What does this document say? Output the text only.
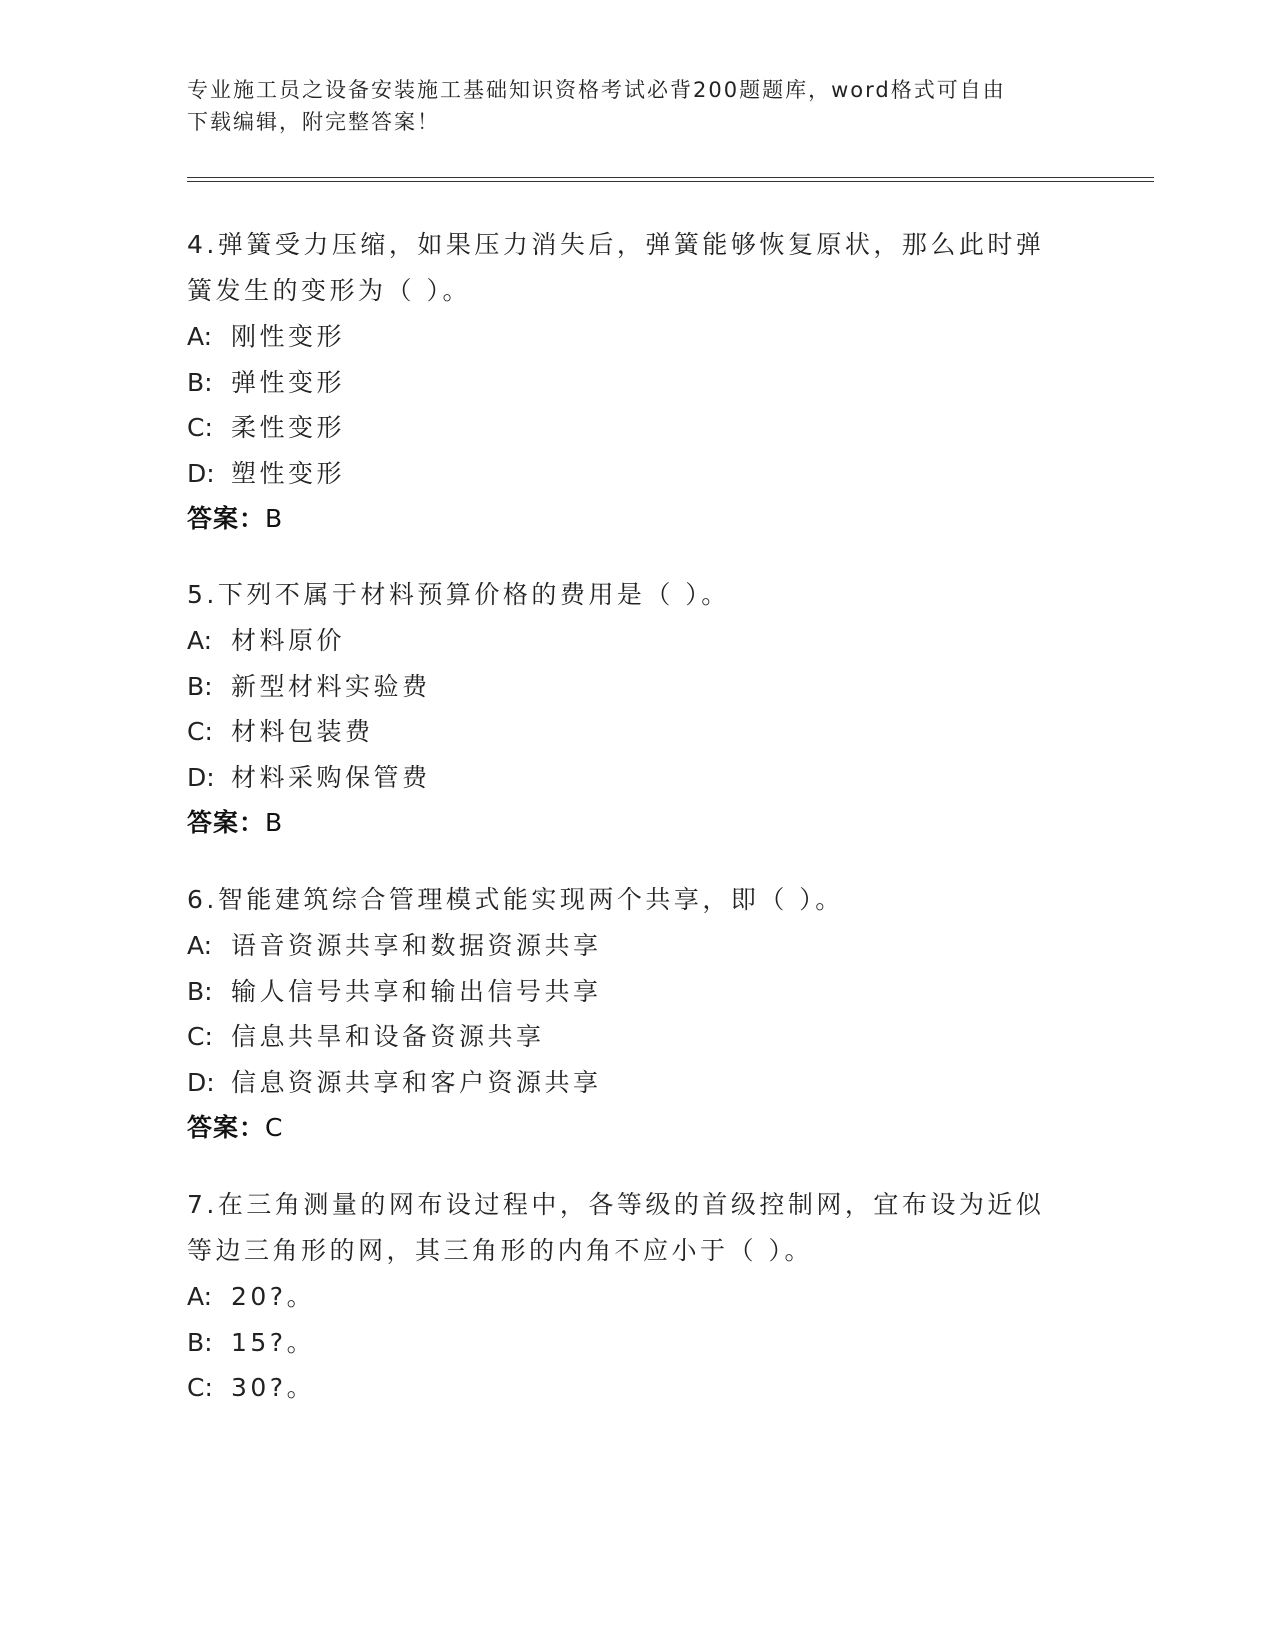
专业施工员之设备安装施工基础知识资格考试必背200题题库，word格式可自由
下载编辑，附完整答案！

4.弹簧受力压缩，如果压力消失后，弹簧能够恢复原状，那么此时弹

簧发生的变形为（ ）。

A: 刚性变形

B: 弹性变形

C: 柔性变形

D: 塑性变形

答案：B

5.下列不属于材料预算价格的费用是（ ）。

A: 材料原价

B: 新型材料实验费

C: 材料包装费

D: 材料采购保管费

答案：B

6.智能建筑综合管理模式能实现两个共享，即（ ）。

A: 语音资源共享和数据资源共享

B: 输人信号共享和输出信号共享

C: 信息共旱和设备资源共享

D: 信息资源共享和客户资源共享

答案：C

7.在三角测量的网布设过程中，各等级的首级控制网，宜布设为近似

等边三角形的网，其三角形的内角不应小于（ ）。

A: 20?。

B: 15?。

C: 30?。
